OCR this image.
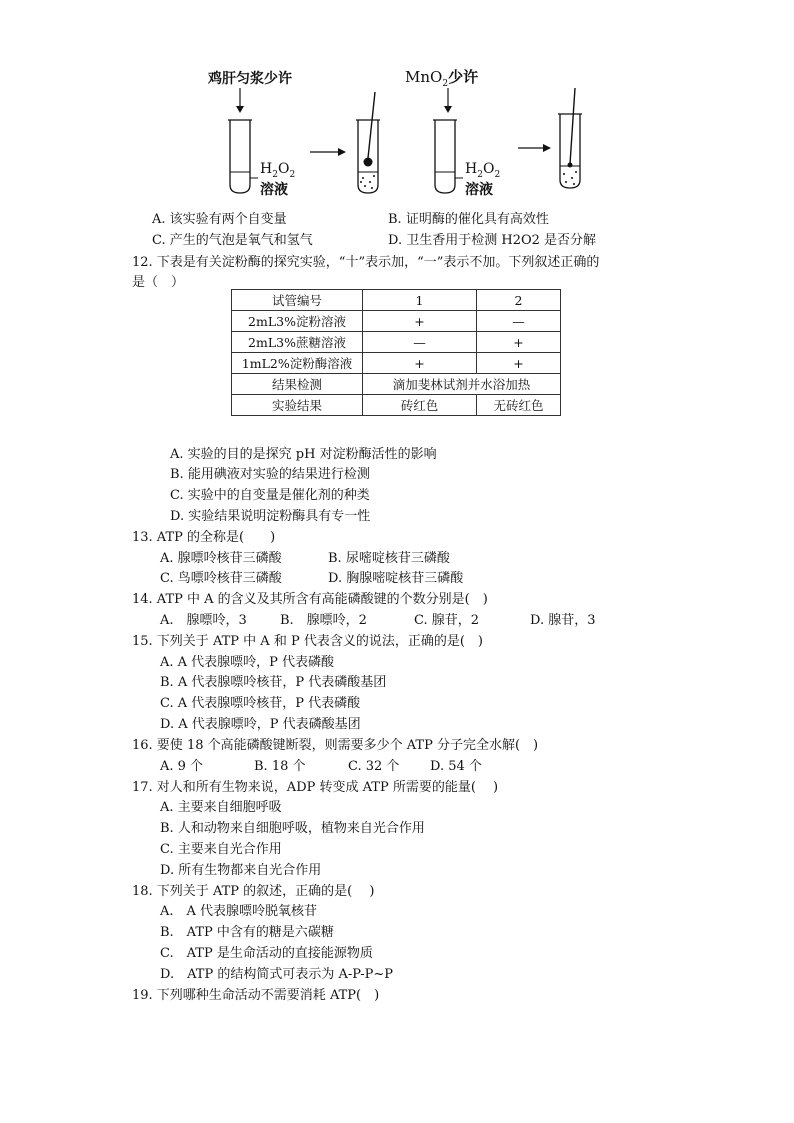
鸡肝匀浆少许	MnO$_2$少许
$H_2O_2$
溶液
$H_2O_2$
溶液
A. 该实验有两个自变量	B. 证明酶的催化具有高效性
C. 产生的气泡是氧气和氢气	D. 卫生香用于检测 H2O2 是否分解
12. 下表是有关淀粉酶的探究实验，“十”表示加，“一”表示不加。下列叙述正确的
是（　）
试管编号	1	2
2mL3%淀粉溶液	+	—
2mL3%蔗糖溶液	—	+
1mL2%淀粉酶溶液	+	+
结果检测	滴加斐林试剂并水浴加热	
实验结果	砖红色	无砖红色
A. 实验的目的是探究 pH 对淀粉酶活性的影响
B. 能用碘液对实验的结果进行检测
C. 实验中的自变量是催化剂的种类
D. 实验结果说明淀粉酶具有专一性
13. ATP 的全称是(　　)
A. 腺嘌呤核苷三磷酸	B. 尿嘧啶核苷三磷酸
C. 鸟嘌呤核苷三磷酸	D. 胸腺嘧啶核苷三磷酸
14. ATP 中 A 的含义及其所含有高能磷酸键的个数分别是(　)
A.　腺嘌呤，3	B.　腺嘌呤，2	C. 腺苷，2	D. 腺苷，3
15. 下列关于 ATP 中 A 和 P 代表含义的说法，正确的是(　)
A. A 代表腺嘌呤，P 代表磷酸
B. A 代表腺嘌呤核苷，P 代表磷酸基团
C. A 代表腺嘌呤核苷，P 代表磷酸
D. A 代表腺嘌呤，P 代表磷酸基团
16. 要使 18 个高能磷酸键断裂，则需要多少个 ATP 分子完全水解(　)
A. 9 个	B. 18 个	C. 32 个 D. 54 个
17. 对人和所有生物来说，ADP 转变成 ATP 所需要的能量(　 )
A. 主要来自细胞呼吸
B. 人和动物来自细胞呼吸，植物来自光合作用
C. 主要来自光合作用
D. 所有生物都来自光合作用
18. 下列关于 ATP 的叙述，正确的是(　 )
A.　A 代表腺嘌呤脱氧核苷
B.　ATP 中含有的糖是六碳糖
C.　ATP 是生命活动的直接能源物质
D.　ATP 的结构简式可表示为 A-P-P~P
19. 下列哪种生命活动不需要消耗 ATP(　)
